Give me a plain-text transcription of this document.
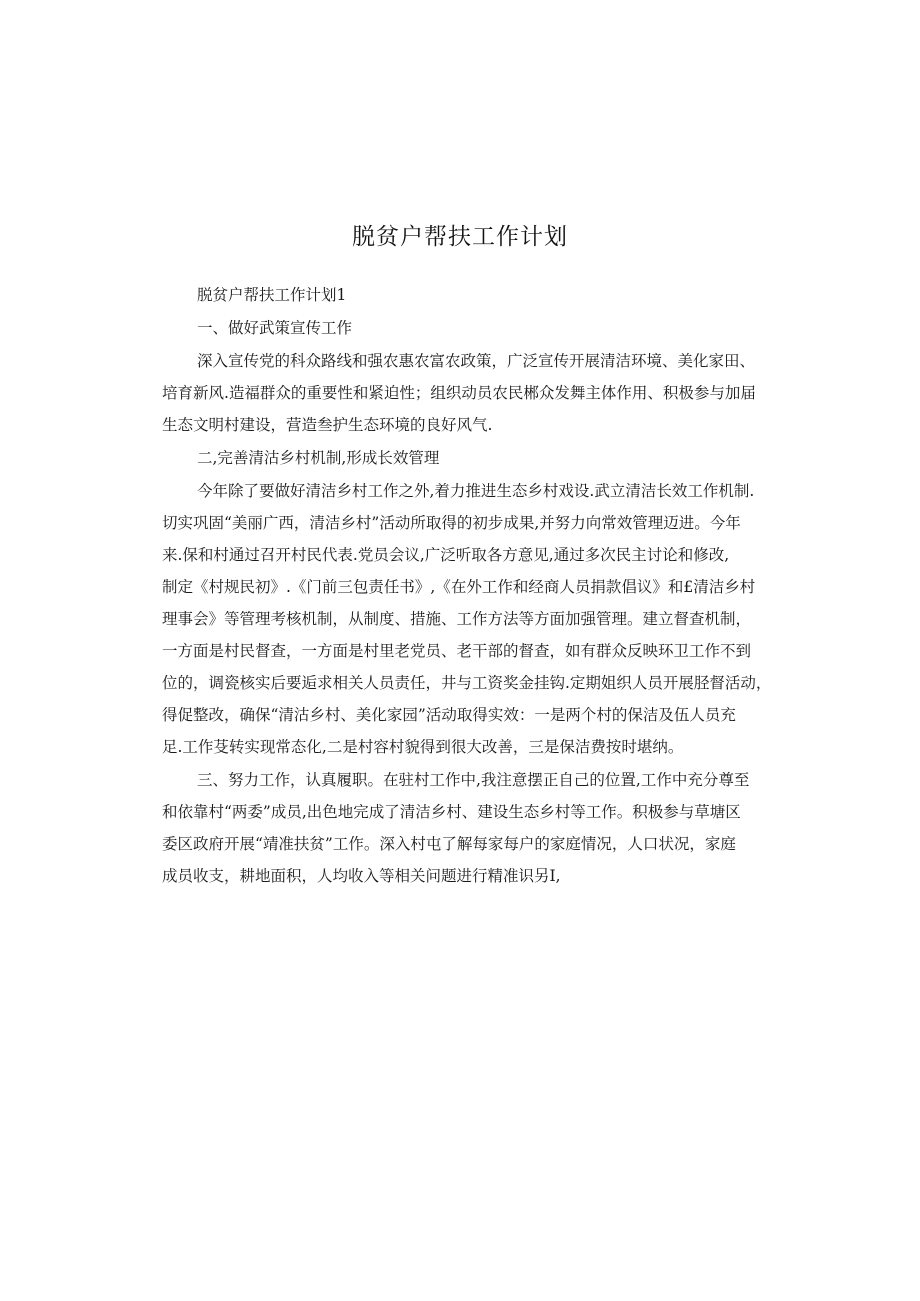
脱贫户帮扶工作计划
脱贫户帮扶工作计划1
一、做好武策宣传工作
深入宣传党的科众路线和强农惠农富农政策，广泛宣传开展清洁环境、美化家田、
培育新风.造福群众的重要性和紧迫性；组织动员农民郴众发舞主体作用、积极参与加届
生态文明村建设，营造叁护生态环境的良好风气.
二,完善清沽乡村机制,形成长效管理
今年除了要做好清洁乡村工作之外,着力推进生态乡村戏设.武立清洁长效工作机制.
切实巩固“美丽广西，清洁乡村”活动所取得的初步成果,并努力向常效管理迈进。今年
来.保和村通过召开村民代表.党员会议,广泛听取各方意见,通过多次民主讨论和修改,
制定《村规民初》.《门前三包责任书》,《在外工作和经商人员捐款倡议》和£清洁乡村
理事会》等管理考核机制，从制度、措施、工作方法等方面加强管理。建立督查机制，
一方面是村民督查，一方面是村里老党员、老干部的督查，如有群众反映环卫工作不到
位的，调瓷核实后要逅求相关人员责任，井与工资奖金挂钩.定期姐织人员开展胫督活动，
得促整改，确保“清沽乡村、美化家园”活动取得实效：一是两个村的保洁及伍人员充
足.工作芟转实现常态化,二是村容村貌得到很大改善，三是保洁费按时堪纳。
三、努力工作，认真履职。在驻村工作中,我注意摆正自己的位置,工作中充分尊至
和依靠村“两委”成员,出色地完成了清洁乡村、建设生态乡村等工作。积极参与草塘区
委区政府开展“靖准扶贫”工作。深入村屯了解每家每户的家庭情况，人口状况，家庭
成员收支，耕地面积，人均收入等相关问题进行精准识另I,
